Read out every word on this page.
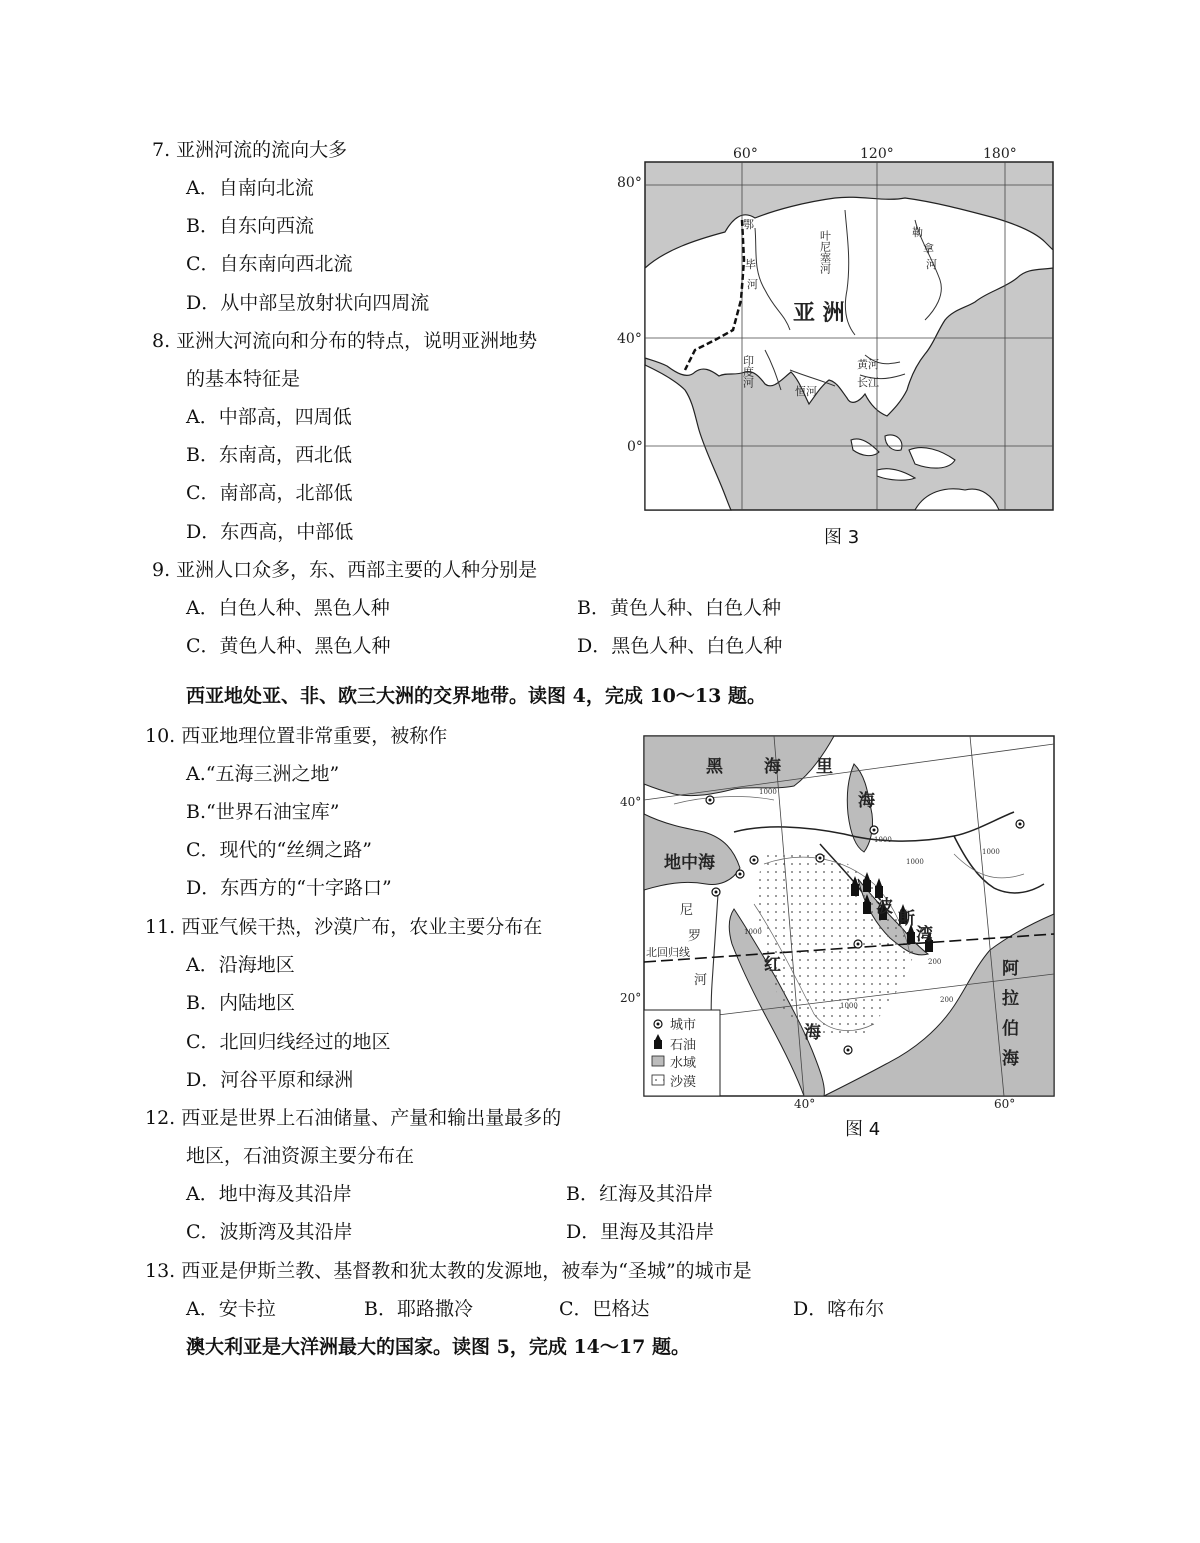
7. 亚洲河流的流向大多
A．自南向北流
B．自东向西流
C．自东南向西北流
D．从中部呈放射状向四周流
8. 亚洲大河流向和分布的特点，说明亚洲地势
的基本特征是
A．中部高，四周低
B．东南高，西北低
C．南部高，北部低
D．东西高，中部低
9. 亚洲人口众多，东、西部主要的人种分别是
A．白色人种、黑色人种	B．黄色人种、白色人种
C．黄色人种、黑色人种	D．黑色人种、白色人种
西亚地处亚、非、欧三大洲的交界地带。读图 4，完成 10～13 题。
10. 西亚地理位置非常重要，被称作
A.“五海三洲之地”
B.“世界石油宝库”
C．现代的“丝绸之路”
D．东西方的“十字路口”
11. 西亚气候干热，沙漠广布，农业主要分布在
A．沿海地区
B．内陆地区
C．北回归线经过的地区
D．河谷平原和绿洲
12. 西亚是世界上石油储量、产量和输出量最多的
地区，石油资源主要分布在
A．地中海及其沿岸	B．红海及其沿岸
C．波斯湾及其沿岸	D．里海及其沿岸
13. 西亚是伊斯兰教、基督教和犹太教的发源地，被奉为“圣城”的城市是
A．安卡拉	B．耶路撒冷	C．巴格达	D．喀布尔
澳大利亚是大洋洲最大的国家。读图 5，完成 14～17 题。
60°	120°	180°
80°
40°
0°
亚 洲
鄂
毕
河
叶尼塞河	勒
拿
河
印度河
恒河
黄河
长江
图 3
1000
1000
1000
1000
1000
200
200
1000
黑 海 里
海
地中海
波
斯
湾
红
海
阿
拉
伯
海
尼
罗
河
北回归线
40°
20°
40°	60°
城市
石油
水域
沙漠
图 4
